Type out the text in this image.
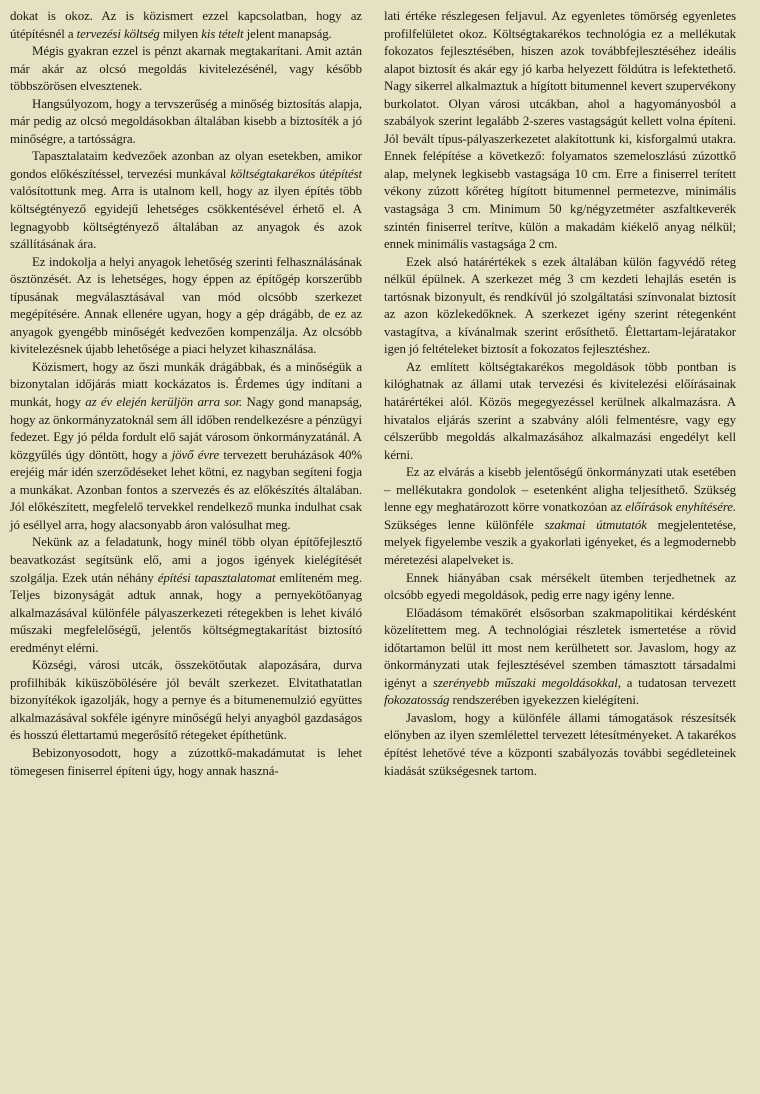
dokat is okoz. Az is közismert ezzel kapcsolatban, hogy az útépítésnél a tervezési költség milyen kis tételt jelent manapság.

Mégis gyakran ezzel is pénzt akarnak megtakarítani. Amit aztán már akár az olcsó megoldás kivitelezésénél, vagy később többszörösen elvesztenek.

Hangsúlyozom, hogy a tervszerűség a minőség biztosítás alapja, már pedig az olcsó megoldásokban általában kisebb a biztosíték a jó minőségre, a tartósságra.

Tapasztalataim kedvezőek azonban az olyan esetekben, amikor gondos előkészítéssel, tervezési munkával költségtakarékos útépítést valósítottunk meg. Arra is utalnom kell, hogy az ilyen építés több költségtényező egyidejű lehetséges csökkentésével érhető el. A legnagyobb költségtényező általában az anyagok és azok szállításának ára.

Ez indokolja a helyi anyagok lehetőség szerinti felhasználásának ösztönzését. Az is lehetséges, hogy éppen az építőgép korszerűbb típusának megválasztásával van mód olcsóbb szerkezet megépítésére. Annak ellenére ugyan, hogy a gép drágább, de ez az anyagok gyengébb minőségét kedvezően kompenzálja. Az olcsóbb kivitelezésnek újabb lehetősége a piaci helyzet kihasználása.

Közismert, hogy az őszi munkák drágábbak, és a minőségük a bizonytalan időjárás miatt kockázatos is. Érdemes úgy indítani a munkát, hogy az év elején kerüljön arra sor. Nagy gond manapság, hogy az önkormányzatoknál sem áll időben rendelkezésre a pénzügyi fedezet. Egy jó példa fordult elő saját városom önkormányzatánál. A közgyűlés úgy döntött, hogy a jövő évre tervezett beruházások 40% erejéig már idén szerződéseket lehet kötni, ez nagyban segíteni fogja a munkákat. Azonban fontos a szervezés és az előkészítés általában. Jól előkészített, megfelelő tervekkel rendelkező munka indulhat csak jó eséllyel arra, hogy alacsonyabb áron valósulhat meg.

Nekünk az a feladatunk, hogy minél több olyan építőfejlesztő beavatkozást segítsünk elő, ami a jogos igények kielégítését szolgálja. Ezek után néhány építési tapasztalatomat említeném meg. Teljes bizonyságát adtuk annak, hogy a pernyekötőanyag alkalmazásával különféle pályaszerkezeti rétegekben is lehet kiváló műszaki megfelelőségű, jelentős költségmegtakarítást biztosító eredményt elérni.

Községi, városi utcák, összekötőutak alapozására, durva profilhibák kiküszöbölésére jól bevált szerkezet. Elvitathatatlan bizonyítékok igazolják, hogy a pernye és a bitumenemulzió együttes alkalmazásával sokféle igényre minőségű helyi anyagból gazdaságos és hosszú élettartamú megerősítő rétegeket építhetünk.

Bebizonyosodott, hogy a zúzottkő-makadámutat is lehet tömegesen finiserrel építeni úgy, hogy annak haszná-

lati értéke részlegesen feljavul. Az egyenletes tömörség egyenletes profilfelületet okoz. Költségtakarékos technológia ez a mellékutak fokozatos fejlesztésében, hiszen azok továbbfejlesztéséhez ideális alapot biztosít és akár egy jó karba helyezett földútra is lefektethető. Nagy sikerrel alkalmaztuk a hígított bitumennel kevert szupervékony burkolatot. Olyan városi utcákban, ahol a hagyományosból a szabályok szerint legalább 2-szeres vastagságút kellett volna építeni. Jól bevált típus-pályaszerkezetet alakítottunk ki, kisforgalmú utakra. Ennek felépítése a következő: folyamatos szemeloszlású zúzottkő alap, melynek legkisebb vastagsága 10 cm. Erre a finiserrel terített vékony zúzott kőréteg hígított bitumennel permetezve, minimális vastagsága 3 cm. Minimum 50 kg/négyzetméter aszfaltkeverék szintén finiserrel terítve, külön a makadám kiékelő anyag nélkül; ennek minimális vastagsága 2 cm.

Ezek alsó határértékek s ezek általában külön fagyvédő réteg nélkül épülnek. A szerkezet még 3 cm kezdeti lehajlás esetén is tartósnak bizonyult, és rendkívül jó szolgáltatási színvonalat biztosít az azon közlekedőknek. A szerkezet igény szerint rétegenként vastagítva, a kívánalmak szerint erősíthető. Élettartam-lejáratakor igen jó feltételeket biztosít a fokozatos fejlesztéshez.

Az említett költségtakarékos megoldások több pontban is kilóghatnak az állami utak tervezési és kivitelezési előírásainak határértékei alól. Közös megegyezéssel kerülnek alkalmazásra. A hivatalos eljárás szerint a szabvány alóli felmentésre, vagy egy célszerűbb megoldás alkalmazásához alkalmazási engedélyt kell kérni.

Ez az elvárás a kisebb jelentőségű önkormányzati utak esetében – mellékutakra gondolok – esetenként aligha teljesíthető. Szükség lenne egy meghatározott körre vonatkozóan az előírások enyhítésére. Szükséges lenne különféle szakmai útmutatók megjelentetése, melyek figyelembe veszik a gyakorlati igényeket, és a legmodernebb méretezési alapelveket is.

Ennek hiányában csak mérsékelt ütemben terjedhetnek az olcsóbb egyedi megoldások, pedig erre nagy igény lenne.

Előadásom témakörét elsősorban szakmapolitikai kérdésként közelítettem meg. A technológiai részletek ismertetése a rövid időtartamon belül itt most nem kerülhetett sor. Javaslom, hogy az önkormányzati utak fejlesztésével szemben támasztott társadalmi igényt a szerényebb műszaki megoldásokkal, a tudatosan tervezett fokozatosság rendszerében igyekezzen kielégíteni.

Javaslom, hogy a különféle állami támogatások részesítsék előnyben az ilyen szemlélettel tervezett létesítményeket. A takarékos építést lehetővé téve a központi szabályozás további segédleteinek kiadását szükségesnek tartom.
